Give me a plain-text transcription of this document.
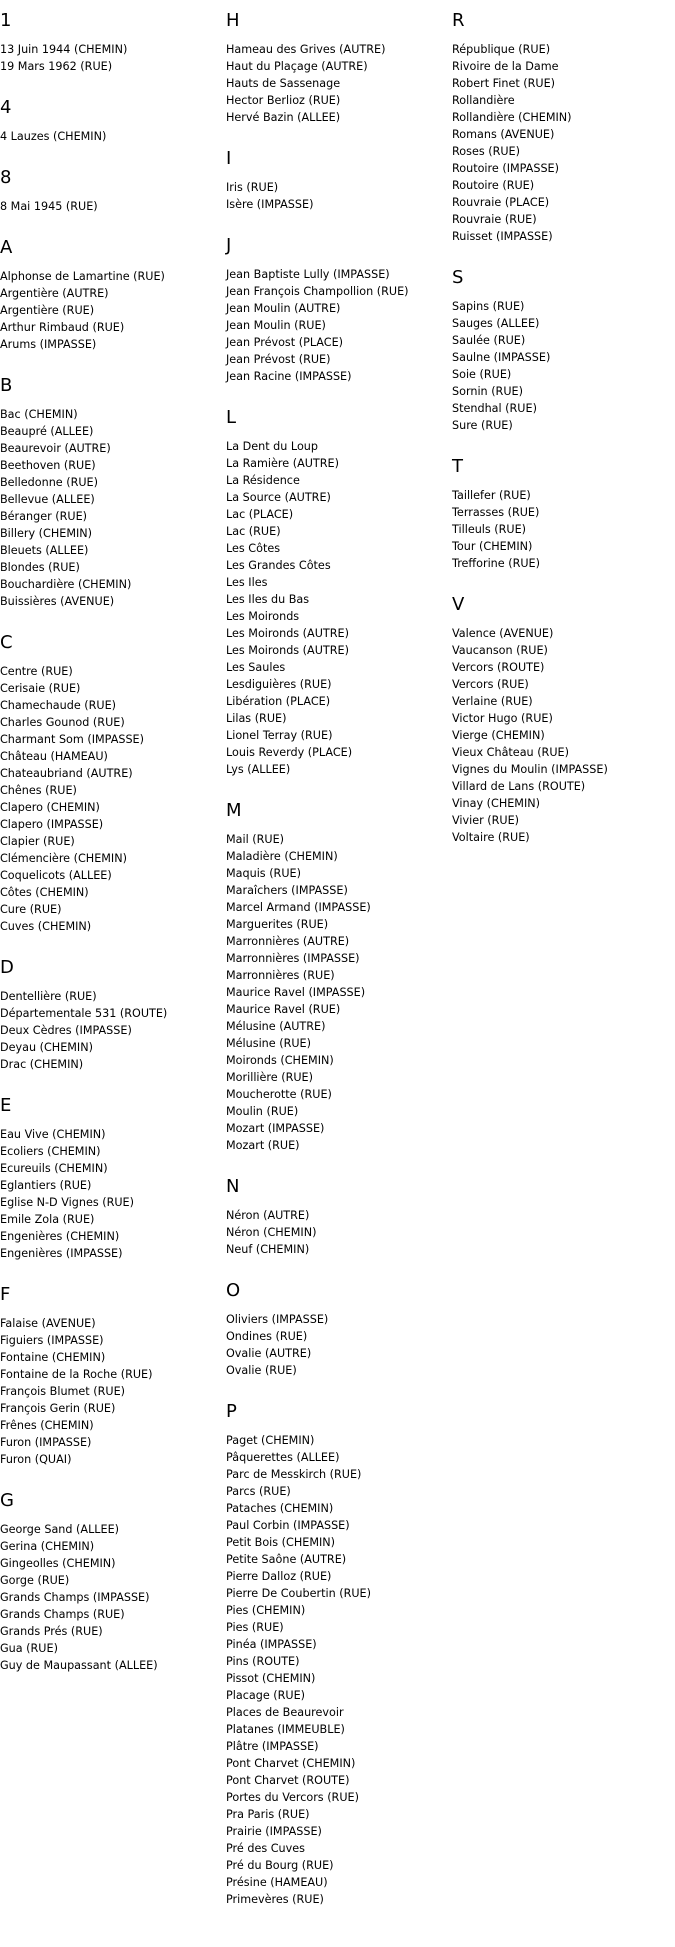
1
13 Juin 1944 (CHEMIN)
19 Mars 1962 (RUE)
4
4 Lauzes (CHEMIN)
8
8 Mai 1945 (RUE)
A
Alphonse de Lamartine (RUE)
Argentière (AUTRE)
Argentière (RUE)
Arthur Rimbaud (RUE)
Arums (IMPASSE)
B
Bac (CHEMIN)
Beaupré (ALLEE)
Beaurevoir (AUTRE)
Beethoven (RUE)
Belledonne (RUE)
Bellevue (ALLEE)
Béranger (RUE)
Billery (CHEMIN)
Bleuets (ALLEE)
Blondes (RUE)
Bouchardière (CHEMIN)
Buissières (AVENUE)
C
Centre (RUE)
Cerisaie (RUE)
Chamechaude (RUE)
Charles Gounod (RUE)
Charmant Som (IMPASSE)
Château (HAMEAU)
Chateaubriand (AUTRE)
Chênes (RUE)
Clapero (CHEMIN)
Clapero (IMPASSE)
Clapier (RUE)
Clémencière (CHEMIN)
Coquelicots (ALLEE)
Côtes (CHEMIN)
Cure (RUE)
Cuves (CHEMIN)
D
Dentellière (RUE)
Départementale 531 (ROUTE)
Deux Cèdres (IMPASSE)
Deyau (CHEMIN)
Drac (CHEMIN)
E
Eau Vive (CHEMIN)
Ecoliers (CHEMIN)
Ecureuils (CHEMIN)
Eglantiers (RUE)
Eglise N-D Vignes (RUE)
Emile Zola (RUE)
Engenières (CHEMIN)
Engenières (IMPASSE)
F
Falaise (AVENUE)
Figuiers (IMPASSE)
Fontaine (CHEMIN)
Fontaine de la Roche (RUE)
François Blumet (RUE)
François Gerin (RUE)
Frênes (CHEMIN)
Furon (IMPASSE)
Furon (QUAI)
G
George Sand (ALLEE)
Gerina (CHEMIN)
Gingeolles (CHEMIN)
Gorge (RUE)
Grands Champs (IMPASSE)
Grands Champs (RUE)
Grands Prés (RUE)
Gua (RUE)
Guy de Maupassant (ALLEE)
H
Hameau des Grives (AUTRE)
Haut du Plaçage (AUTRE)
Hauts de Sassenage
Hector Berlioz (RUE)
Hervé Bazin (ALLEE)
I
Iris (RUE)
Isère (IMPASSE)
J
Jean Baptiste Lully (IMPASSE)
Jean François Champollion (RUE)
Jean Moulin (AUTRE)
Jean Moulin (RUE)
Jean Prévost (PLACE)
Jean Prévost (RUE)
Jean Racine (IMPASSE)
L
La Dent du Loup
La Ramière (AUTRE)
La Résidence
La Source (AUTRE)
Lac (PLACE)
Lac (RUE)
Les Côtes
Les Grandes Côtes
Les Iles
Les Iles du Bas
Les Moironds
Les Moironds (AUTRE)
Les Moironds (AUTRE)
Les Saules
Lesdiguières (RUE)
Libération (PLACE)
Lilas (RUE)
Lionel Terray (RUE)
Louis Reverdy (PLACE)
Lys (ALLEE)
M
Mail (RUE)
Maladière (CHEMIN)
Maquis (RUE)
Maraîchers (IMPASSE)
Marcel Armand (IMPASSE)
Marguerites (RUE)
Marronnières (AUTRE)
Marronnières (IMPASSE)
Marronnières (RUE)
Maurice Ravel (IMPASSE)
Maurice Ravel (RUE)
Mélusine (AUTRE)
Mélusine (RUE)
Moironds (CHEMIN)
Morillière (RUE)
Moucherotte (RUE)
Moulin (RUE)
Mozart (IMPASSE)
Mozart (RUE)
N
Néron (AUTRE)
Néron (CHEMIN)
Neuf (CHEMIN)
O
Oliviers (IMPASSE)
Ondines (RUE)
Ovalie (AUTRE)
Ovalie (RUE)
P
Paget (CHEMIN)
Pâquerettes (ALLEE)
Parc de Messkirch (RUE)
Parcs (RUE)
Pataches (CHEMIN)
Paul Corbin (IMPASSE)
Petit Bois (CHEMIN)
Petite Saône (AUTRE)
Pierre Dalloz (RUE)
Pierre De Coubertin (RUE)
Pies (CHEMIN)
Pies (RUE)
Pinéa (IMPASSE)
Pins (ROUTE)
Pissot (CHEMIN)
Placage (RUE)
Places de Beaurevoir
Platanes (IMMEUBLE)
Plâtre (IMPASSE)
Pont Charvet (CHEMIN)
Pont Charvet (ROUTE)
Portes du Vercors (RUE)
Pra Paris (RUE)
Prairie (IMPASSE)
Pré des Cuves
Pré du Bourg (RUE)
Présine (HAMEAU)
Primevères (RUE)
R
République (RUE)
Rivoire de la Dame
Robert Finet (RUE)
Rollandière
Rollandière (CHEMIN)
Romans (AVENUE)
Roses (RUE)
Routoire (IMPASSE)
Routoire (RUE)
Rouvraie (PLACE)
Rouvraie (RUE)
Ruisset (IMPASSE)
S
Sapins (RUE)
Sauges (ALLEE)
Saulée (RUE)
Saulne (IMPASSE)
Soie (RUE)
Sornin (RUE)
Stendhal (RUE)
Sure (RUE)
T
Taillefer (RUE)
Terrasses (RUE)
Tilleuls (RUE)
Tour (CHEMIN)
Trefforine (RUE)
V
Valence (AVENUE)
Vaucanson (RUE)
Vercors (ROUTE)
Vercors (RUE)
Verlaine (RUE)
Victor Hugo (RUE)
Vierge (CHEMIN)
Vieux Château (RUE)
Vignes du Moulin (IMPASSE)
Villard de Lans (ROUTE)
Vinay (CHEMIN)
Vivier (RUE)
Voltaire (RUE)
